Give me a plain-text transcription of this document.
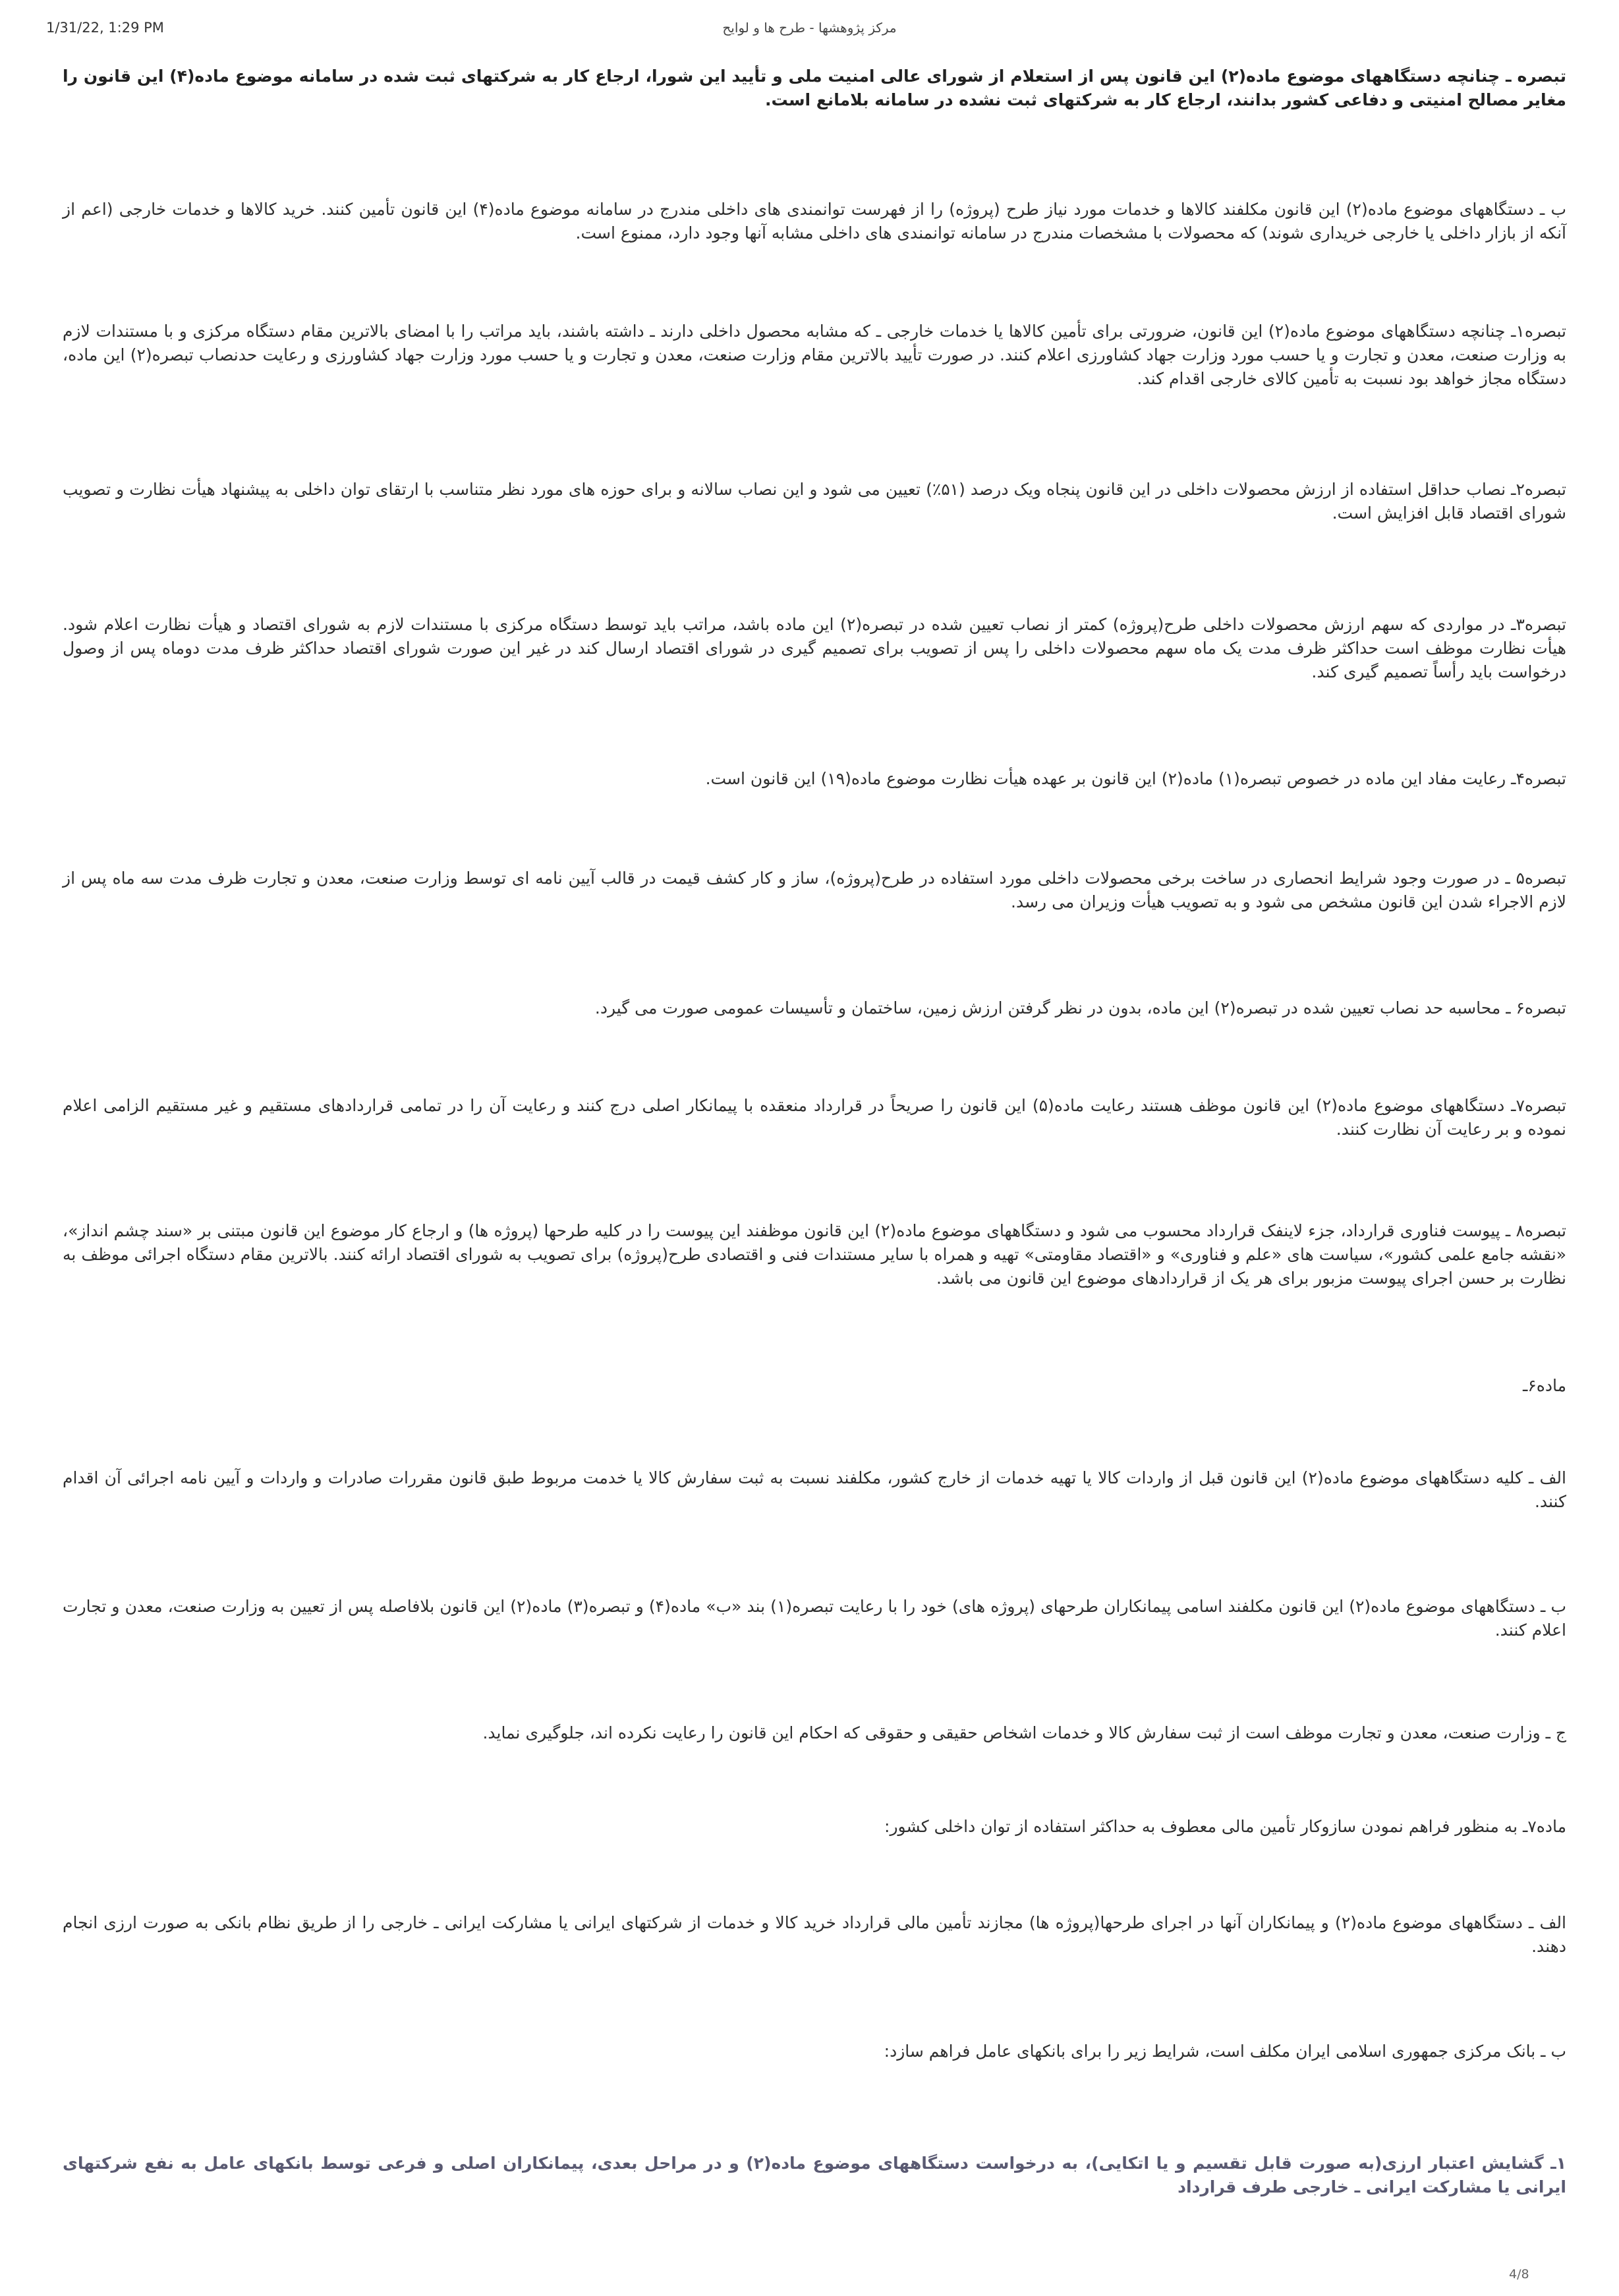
1/31/22, 1:29 PM	مرکز پژوهشها - طرح ها و لوایح
تبصره ـ چنانچه دستگاههای موضوع ماده(۲) این قانون پس از استعلام از شورای عالی امنیت ملی و تأیید این شورا، ارجاع کار به شرکتهای ثبت شده در سامانه موضوع ماده(۴) این قانون را مغایر مصالح امنیتی و دفاعی کشور بدانند، ارجاع کار به شرکتهای ثبت نشده در سامانه بلامانع است.
ب ـ دستگاههای موضوع ماده(۲) این قانون مکلفند کالاها و خدمات مورد نیاز طرح (پروژه) را از فهرست توانمندی های داخلی مندرج در سامانه موضوع ماده(۴) این قانون تأمین کنند. خرید کالاها و خدمات خارجی (اعم از آنکه از بازار داخلی یا خارجی خریداری شوند) که محصولات با مشخصات مندرج در سامانه توانمندی های داخلی مشابه آنها وجود دارد، ممنوع است.
تبصره۱ـ چنانچه دستگاههای موضوع ماده(۲) این قانون، ضرورتی برای تأمین کالاها یا خدمات خارجی ـ که مشابه محصول داخلی دارند ـ داشته باشند، باید مراتب را با امضای بالاترین مقام دستگاه مرکزی و با مستندات لازم به وزارت صنعت، معدن و تجارت و یا حسب مورد وزارت جهاد کشاورزی اعلام کنند. در صورت تأیید بالاترین مقام وزارت صنعت، معدن و تجارت و یا حسب مورد وزارت جهاد کشاورزی و رعایت حدنصاب تبصره(۲) این ماده، دستگاه مجاز خواهد بود نسبت به تأمین کالای خارجی اقدام کند.
تبصره۲ـ نصاب حداقل استفاده از ارزش محصولات داخلی در این قانون پنجاه ویک درصد (۵۱٪) تعیین می شود و این نصاب سالانه و برای حوزه های مورد نظر متناسب با ارتقای توان داخلی به پیشنهاد هیأت نظارت و تصویب شورای اقتصاد قابل افزایش است.
تبصره۳ـ در مواردی که سهم ارزش محصولات داخلی طرح(پروژه) کمتر از نصاب تعیین شده در تبصره(۲) این ماده باشد، مراتب باید توسط دستگاه مرکزی با مستندات لازم به شورای اقتصاد و هیأت نظارت اعلام شود. هیأت نظارت موظف است حداکثر ظرف مدت یک ماه سهم محصولات داخلی را پس از تصویب برای تصمیم گیری در شورای اقتصاد ارسال کند در غیر این صورت شورای اقتصاد حداکثر ظرف مدت دوماه پس از وصول درخواست باید رأساً تصمیم گیری کند.
تبصره۴ـ رعایت مفاد این ماده در خصوص تبصره(۱) ماده(۲) این قانون بر عهده هیأت نظارت موضوع ماده(۱۹) این قانون است.
تبصره۵ ـ در صورت وجود شرایط انحصاری در ساخت برخی محصولات داخلی مورد استفاده در طرح(پروژه)، ساز و کار کشف قیمت در قالب آیین نامه ای توسط وزارت صنعت، معدن و تجارت ظرف مدت سه ماه پس از لازم الاجراء شدن این قانون مشخص می شود و به تصویب هیأت وزیران می رسد.
تبصره۶ ـ محاسبه حد نصاب تعیین شده در تبصره(۲) این ماده، بدون در نظر گرفتن ارزش زمین، ساختمان و تأسیسات عمومی صورت می گیرد.
تبصره۷ـ دستگاههای موضوع ماده(۲) این قانون موظف هستند رعایت ماده(۵) این قانون را صریحاً در قرارداد منعقده با پیمانکار اصلی درج کنند و رعایت آن را در تمامی قراردادهای مستقیم و غیر مستقیم الزامی اعلام نموده و بر رعایت آن نظارت کنند.
تبصره۸ ـ پیوست فناوری قرارداد، جزء لاینفک قرارداد محسوب می شود و دستگاههای موضوع ماده(۲) این قانون موظفند این پیوست را در کلیه طرحها (پروژه ها) و ارجاع کار موضوع این قانون مبتنی بر «سند چشم انداز»، «نقشه جامع علمی کشور»، سیاست های «علم و فناوری» و «اقتصاد مقاومتی» تهیه و همراه با سایر مستندات فنی و اقتصادی طرح(پروژه) برای تصویب به شورای اقتصاد ارائه کنند. بالاترین مقام دستگاه اجرائی موظف به نظارت بر حسن اجرای پیوست مزبور برای هر یک از قراردادهای موضوع این قانون می باشد.
ماده۶ـ
الف ـ کلیه دستگاههای موضوع ماده(۲) این قانون قبل از واردات کالا یا تهیه خدمات از خارج کشور، مکلفند نسبت به ثبت سفارش کالا یا خدمت مربوط طبق قانون مقررات صادرات و واردات و آیین نامه اجرائی آن اقدام کنند.
ب ـ دستگاههای موضوع ماده(۲) این قانون مکلفند اسامی پیمانکاران طرحهای (پروژه های) خود را با رعایت تبصره(۱) بند «ب» ماده(۴) و تبصره(۳) ماده(۲) این قانون بلافاصله پس از تعیین به وزارت صنعت، معدن و تجارت اعلام کنند.
ج ـ وزارت صنعت، معدن و تجارت موظف است از ثبت سفارش کالا و خدمات اشخاص حقیقی و حقوقی که احکام این قانون را رعایت نکرده اند، جلوگیری نماید.
ماده۷ـ به منظور فراهم نمودن سازوکار تأمین مالی معطوف به حداکثر استفاده از توان داخلی کشور:
الف ـ دستگاههای موضوع ماده(۲) و پیمانکاران آنها در اجرای طرحها(پروژه ها) مجازند تأمین مالی قرارداد خرید کالا و خدمات از شرکتهای ایرانی یا مشارکت ایرانی ـ خارجی را از طریق نظام بانکی به صورت ارزی انجام دهند.
ب ـ بانک مرکزی جمهوری اسلامی ایران مکلف است، شرایط زیر را برای بانکهای عامل فراهم سازد:
۱ـ گشایش اعتبار ارزی(به صورت قابل تقسیم و یا اتکایی)، به درخواست دستگاههای موضوع ماده(۲) و در مراحل بعدی، پیمانکاران اصلی و فرعی توسط بانکهای عامل به نفع شرکتهای ایرانی یا مشارکت ایرانی ـ خارجی طرف قرارداد
4/8
